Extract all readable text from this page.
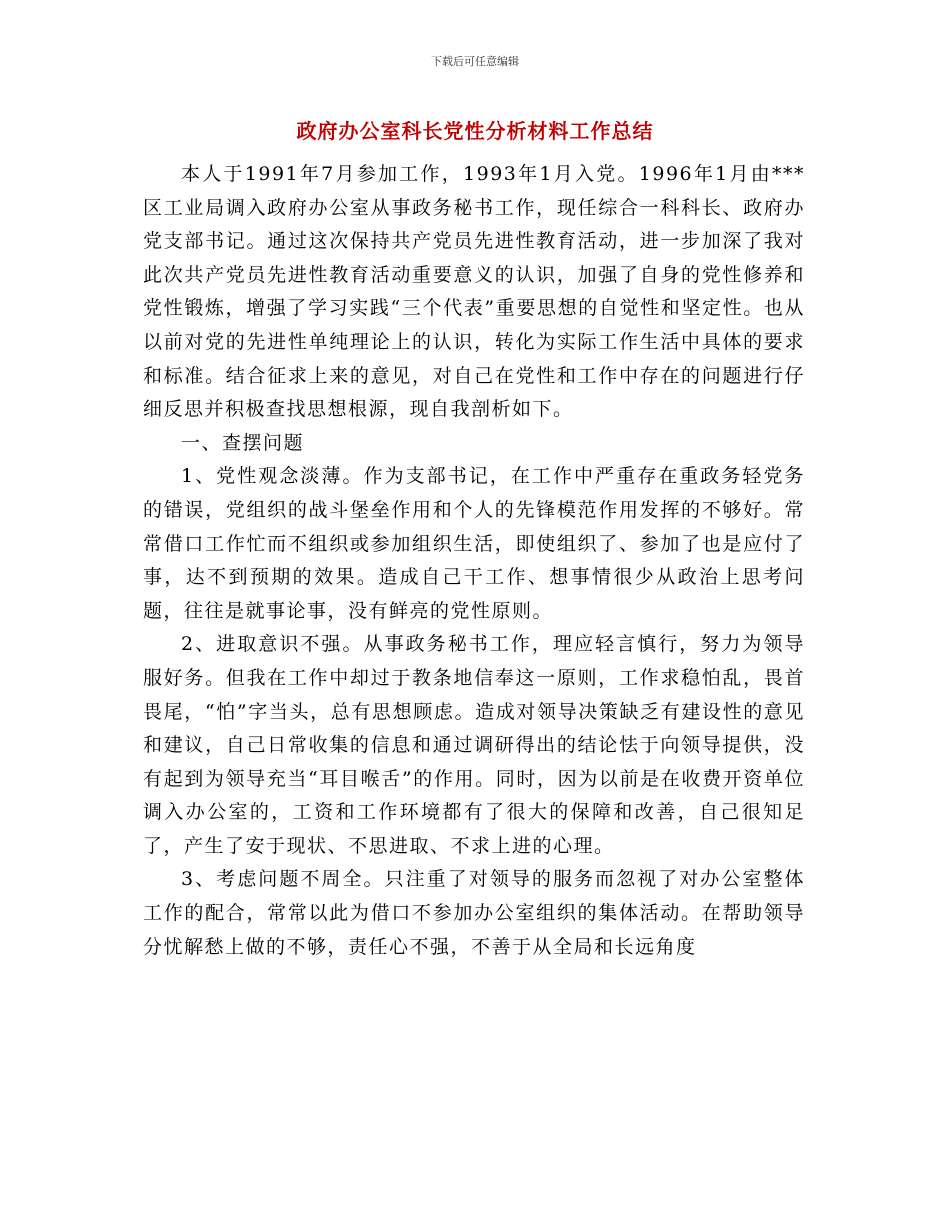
下载后可任意编辑
政府办公室科长党性分析材料工作总结

本人于1991年7月参加工作，1993年1月入党。1996年1月由***区工业局调入政府办公室从事政务秘书工作，现任综合一科科长、政府办党支部书记。通过这次保持共产党员先进性教育活动，进一步加深了我对此次共产党员先进性教育活动重要意义的认识，加强了自身的党性修养和党性锻炼，增强了学习实践“三个代表”重要思想的自觉性和坚定性。也从以前对党的先进性单纯理论上的认识，转化为实际工作生活中具体的要求和标准。结合征求上来的意见，对自己在党性和工作中存在的问题进行仔细反思并积极查找思想根源，现自我剖析如下。

一、查摆问题

1、党性观念淡薄。作为支部书记，在工作中严重存在重政务轻党务的错误，党组织的战斗堡垒作用和个人的先锋模范作用发挥的不够好。常常借口工作忙而不组织或参加组织生活，即使组织了、参加了也是应付了事，达不到预期的效果。造成自己干工作、想事情很少从政治上思考问题，往往是就事论事，没有鲜亮的党性原则。

2、进取意识不强。从事政务秘书工作，理应轻言慎行，努力为领导服好务。但我在工作中却过于教条地信奉这一原则，工作求稳怕乱，畏首畏尾，“怕”字当头，总有思想顾虑。造成对领导决策缺乏有建设性的意见和建议，自己日常收集的信息和通过调研得出的结论怯于向领导提供，没有起到为领导充当“耳目喉舌”的作用。同时，因为以前是在收费开资单位调入办公室的，工资和工作环境都有了很大的保障和改善，自己很知足了，产生了安于现状、不思进取、不求上进的心理。

3、考虑问题不周全。只注重了对领导的服务而忽视了对办公室整体工作的配合，常常以此为借口不参加办公室组织的集体活动。在帮助领导分忧解愁上做的不够，责任心不强，不善于从全局和长远角度
